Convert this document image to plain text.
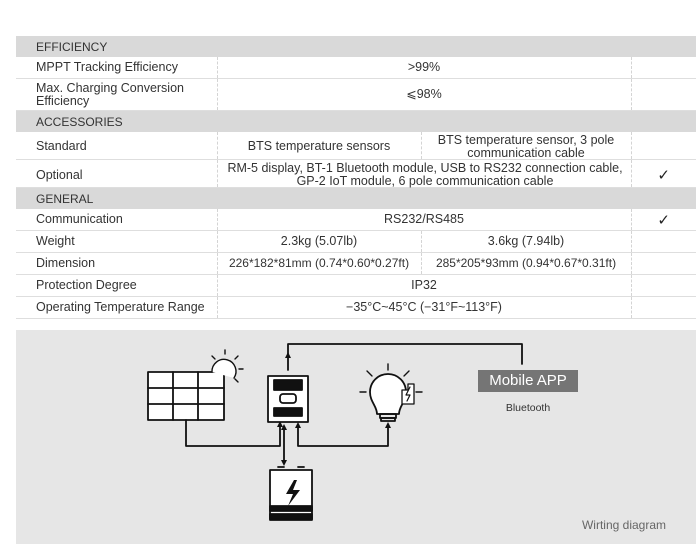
EFFICIENCY
MPPT Tracking Efficiency	>99%
Max. Charging Conversion Efficiency	⩽98%
ACCESSORIES
Standard	BTS temperature sensors	BTS temperature sensor, 3 pole communication cable
Optional	RM-5 display, BT-1 Bluetooth module, USB to RS232 connection cable, GP-2 IoT module, 6 pole communication cable	✓
GENERAL
Communication	RS232/RS485	✓
Weight	2.3kg (5.07lb)	3.6kg (7.94lb)
Dimension	226*182*81mm (0.74*0.60*0.27ft)	285*205*93mm (0.94*0.67*0.31ft)
Protection Degree	IP32
Operating Temperature Range	−35°C~45°C (−31°F~113°F)
Mobile APP
Bluetooth
Wirting diagram
